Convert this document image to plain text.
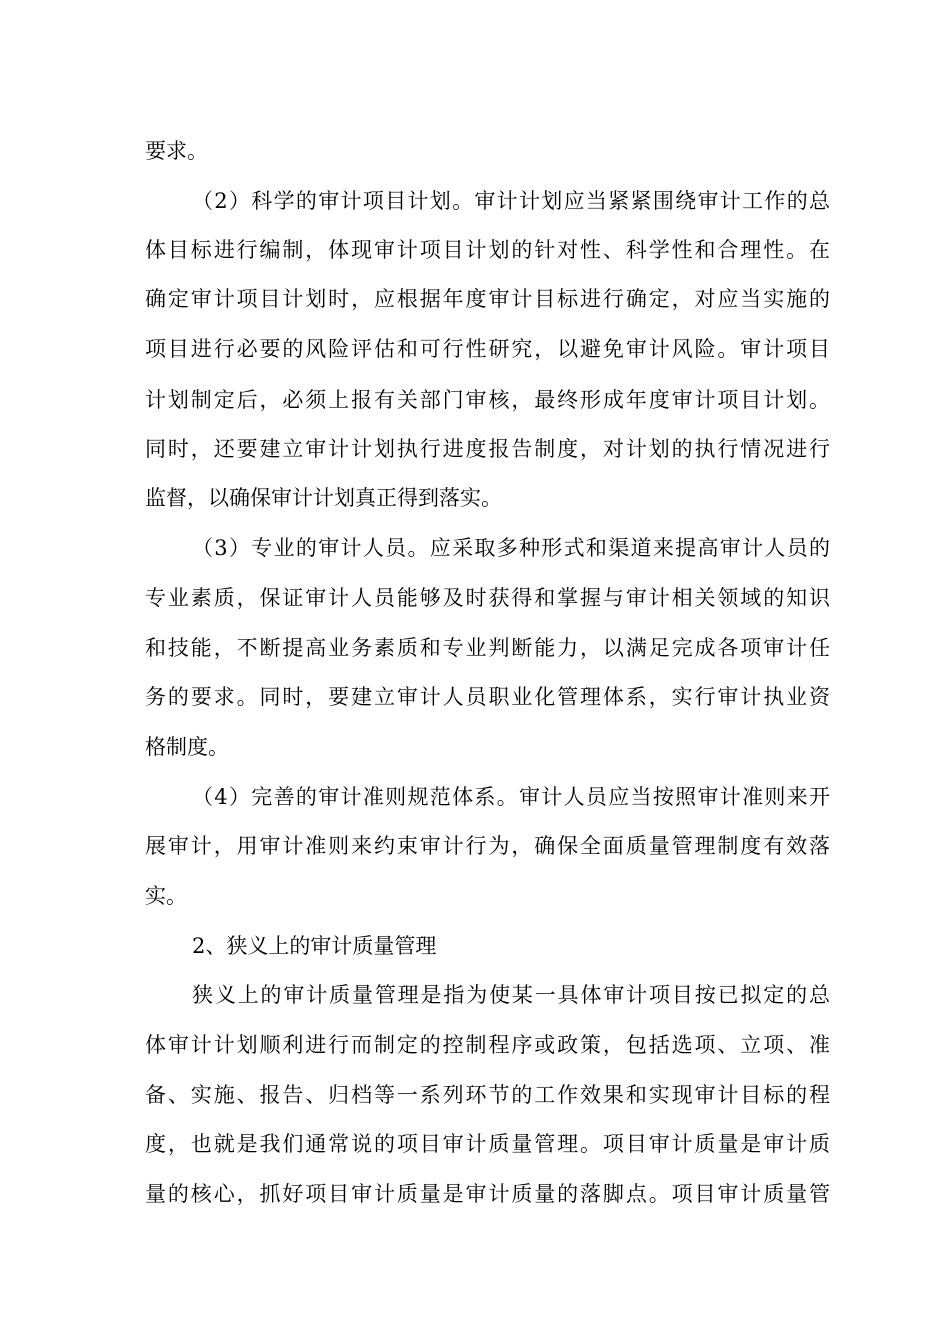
要求。
（2）科学的审计项目计划。审计计划应当紧紧围绕审计工作的总
体目标进行编制，体现审计项目计划的针对性、科学性和合理性。在
确定审计项目计划时，应根据年度审计目标进行确定，对应当实施的
项目进行必要的风险评估和可行性研究，以避免审计风险。审计项目
计划制定后，必须上报有关部门审核，最终形成年度审计项目计划。
同时，还要建立审计计划执行进度报告制度，对计划的执行情况进行
监督，以确保审计计划真正得到落实。
（3）专业的审计人员。应采取多种形式和渠道来提高审计人员的
专业素质，保证审计人员能够及时获得和掌握与审计相关领域的知识
和技能，不断提高业务素质和专业判断能力，以满足完成各项审计任
务的要求。同时，要建立审计人员职业化管理体系，实行审计执业资
格制度。
（4）完善的审计准则规范体系。审计人员应当按照审计准则来开
展审计，用审计准则来约束审计行为，确保全面质量管理制度有效落
实。
2、狭义上的审计质量管理
狭义上的审计质量管理是指为使某一具体审计项目按已拟定的总
体审计计划顺利进行而制定的控制程序或政策，包括选项、立项、准
备、实施、报告、归档等一系列环节的工作效果和实现审计目标的程
度，也就是我们通常说的项目审计质量管理。项目审计质量是审计质
量的核心，抓好项目审计质量是审计质量的落脚点。项目审计质量管
